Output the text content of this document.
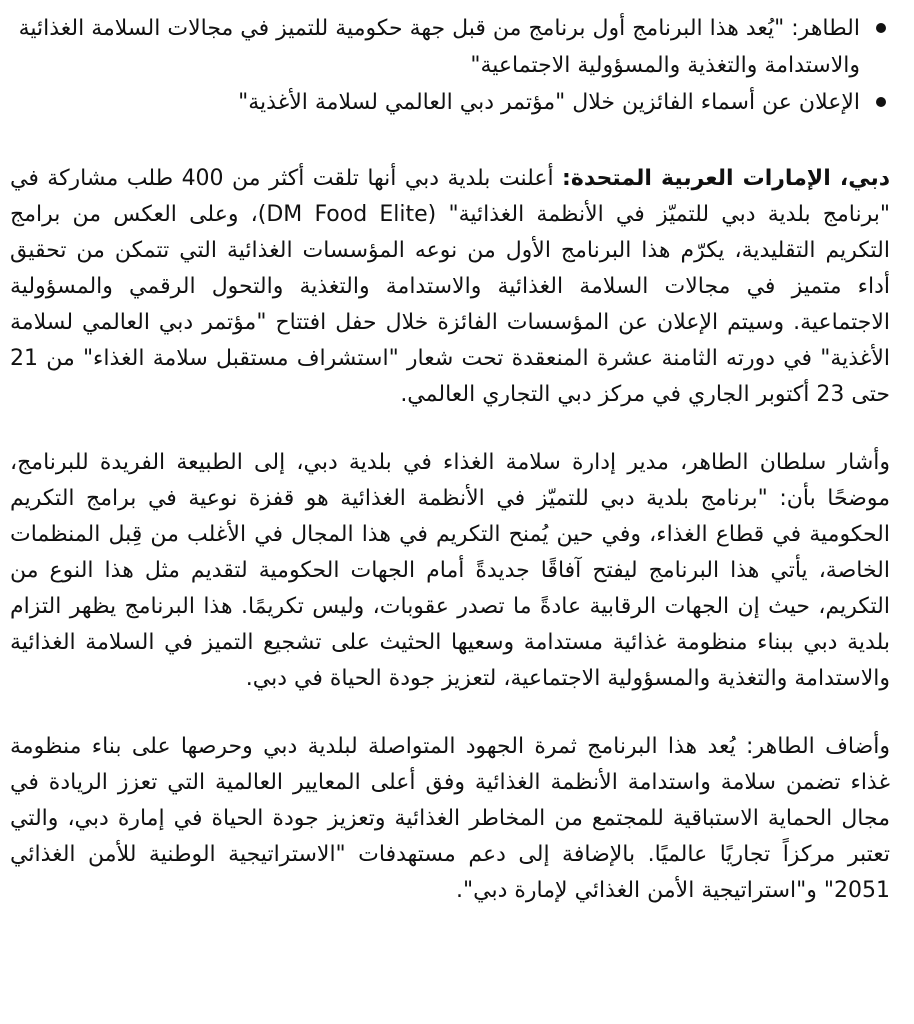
الطاهر: "يُعد هذا البرنامج أول برنامج من قبل جهة حكومية للتميز في مجالات السلامة الغذائية والاستدامة والتغذية والمسؤولية الاجتماعية"
الإعلان عن أسماء الفائزين خلال "مؤتمر دبي العالمي لسلامة الأغذية"

دبي، الإمارات العربية المتحدة: أعلنت بلدية دبي أنها تلقت أكثر من 400 طلب مشاركة في "برنامج بلدية دبي للتميّز في الأنظمة الغذائية" (DM Food Elite)، وعلى العكس من برامج التكريم التقليدية، يكرّم هذا البرنامج الأول من نوعه المؤسسات الغذائية التي تتمكن من تحقيق أداء متميز في مجالات السلامة الغذائية والاستدامة والتغذية والتحول الرقمي والمسؤولية الاجتماعية. وسيتم الإعلان عن المؤسسات الفائزة خلال حفل افتتاح "مؤتمر دبي العالمي لسلامة الأغذية" في دورته الثامنة عشرة المنعقدة تحت شعار "استشراف مستقبل سلامة الغذاء" من 21 حتى 23 أكتوبر الجاري في مركز دبي التجاري العالمي.

وأشار سلطان الطاهر، مدير إدارة سلامة الغذاء في بلدية دبي، إلى الطبيعة الفريدة للبرنامج، موضحًا بأن: "برنامج بلدية دبي للتميّز في الأنظمة الغذائية هو قفزة نوعية في برامج التكريم الحكومية في قطاع الغذاء، وفي حين يُمنح التكريم في هذا المجال في الأغلب من قِبل المنظمات الخاصة، يأتي هذا البرنامج ليفتح آفاقًا جديدةً أمام الجهات الحكومية لتقديم مثل هذا النوع من التكريم، حيث إن الجهات الرقابية عادةً ما تصدر عقوبات، وليس تكريمًا. هذا البرنامج يظهر التزام بلدية دبي ببناء منظومة غذائية مستدامة وسعيها الحثيث على تشجيع التميز في السلامة الغذائية والاستدامة والتغذية والمسؤولية الاجتماعية، لتعزيز جودة الحياة في دبي.

وأضاف الطاهر: يُعد هذا البرنامج ثمرة الجهود المتواصلة لبلدية دبي وحرصها على بناء منظومة غذاء تضمن سلامة واستدامة الأنظمة الغذائية وفق أعلى المعايير العالمية التي تعزز الريادة في مجال الحماية الاستباقية للمجتمع من المخاطر الغذائية وتعزيز جودة الحياة في إمارة دبي، والتي تعتبر مركزاً تجاريًا عالميًا. بالإضافة إلى دعم مستهدفات "الاستراتيجية الوطنية للأمن الغذائي 2051" و"استراتيجية الأمن الغذائي لإمارة دبي".
